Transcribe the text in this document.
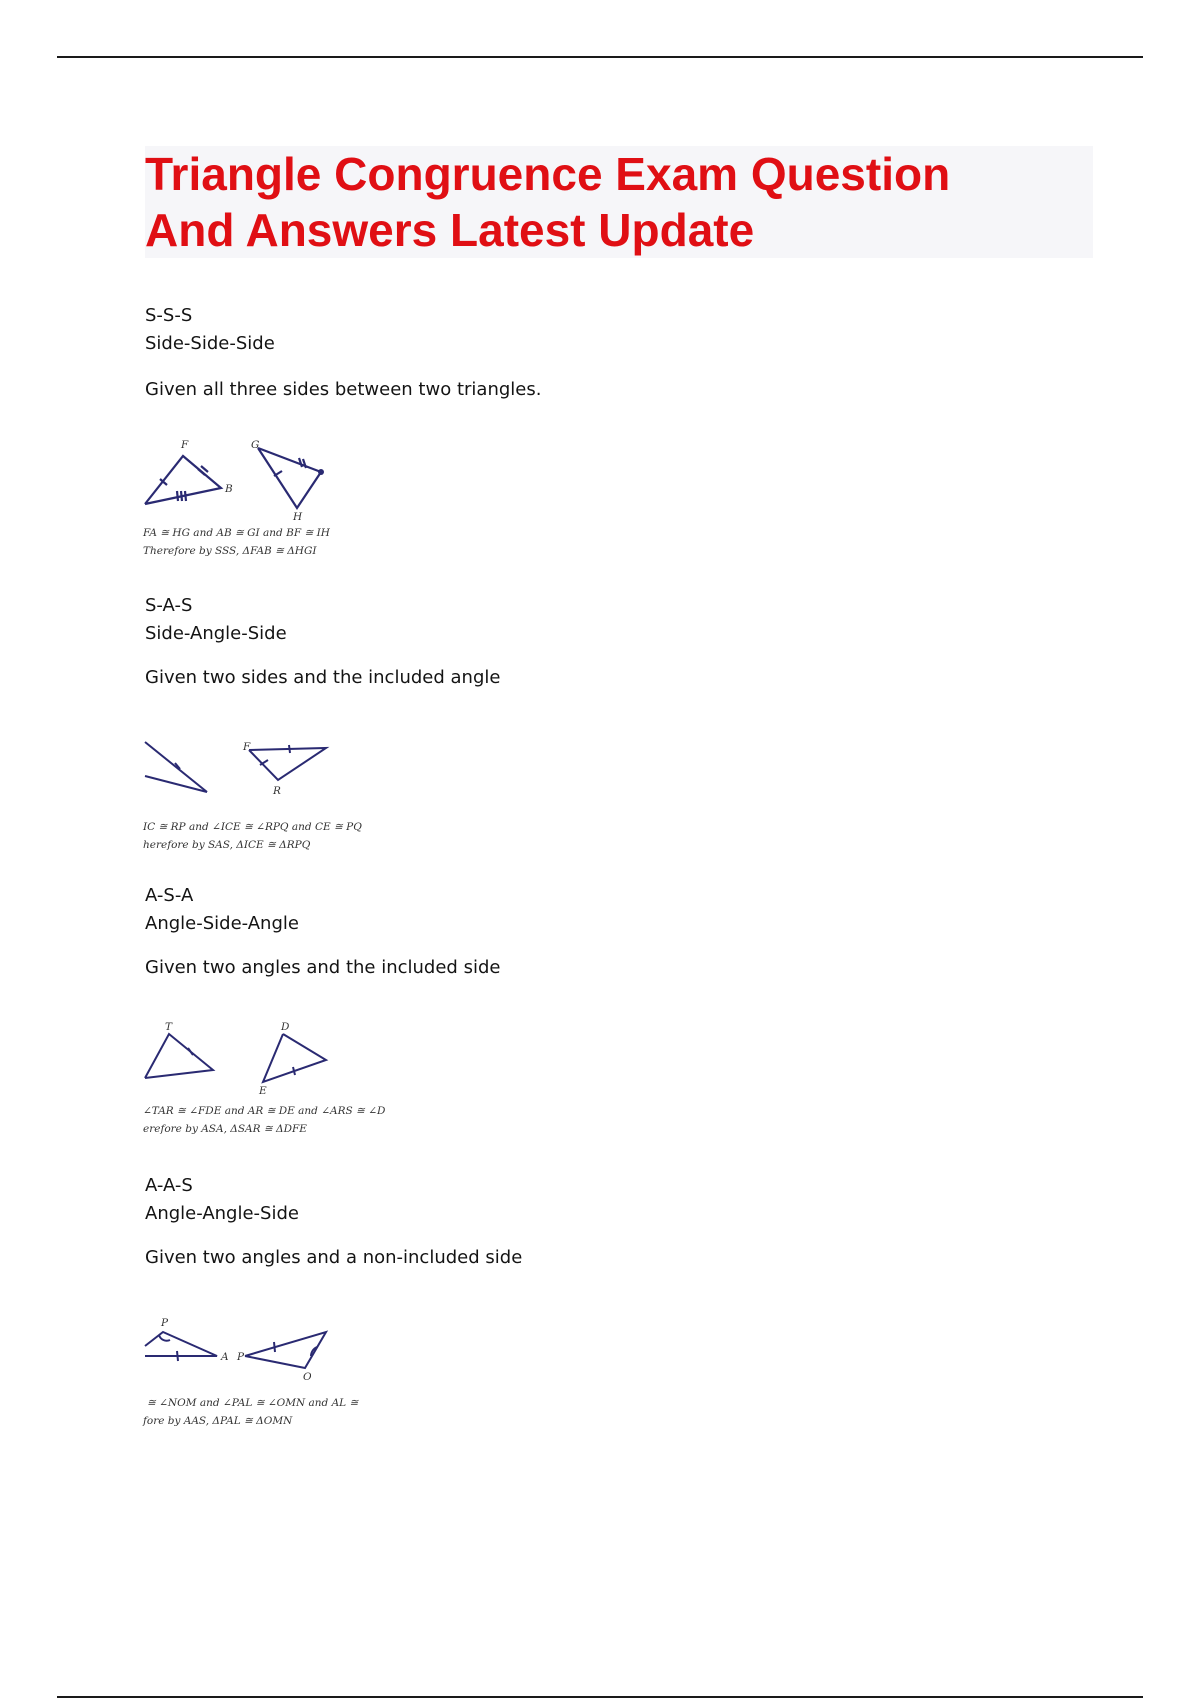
Triangle Congruence Exam Question
And Answers Latest Update

S-S-S

Side-Side-Side

Given all three sides between two triangles.

F
B
G
H
FA ≅ HG and AB ≅ GI and BF ≅ IH
Therefore by SSS, ΔFAB ≅ ΔHGI

S-A-S

Side-Angle-Side

Given two sides and the included angle

F
R
IC ≅ RP and ∠ICE ≅ ∠RPQ and CE ≅ PQ
herefore by SAS, ΔICE ≅ ΔRPQ

A-S-A

Angle-Side-Angle

Given two angles and the included side

T	D
E
∠TAR ≅ ∠FDE and AR ≅ DE and ∠ARS ≅ ∠D
erefore by ASA, ΔSAR ≅ ΔDFE

A-A-S

Angle-Angle-Side

Given two angles and a non-included side

P
A P
O
≅ ∠NOM and ∠PAL ≅ ∠OMN and AL ≅
fore by AAS, ΔPAL ≅ ΔOMN
